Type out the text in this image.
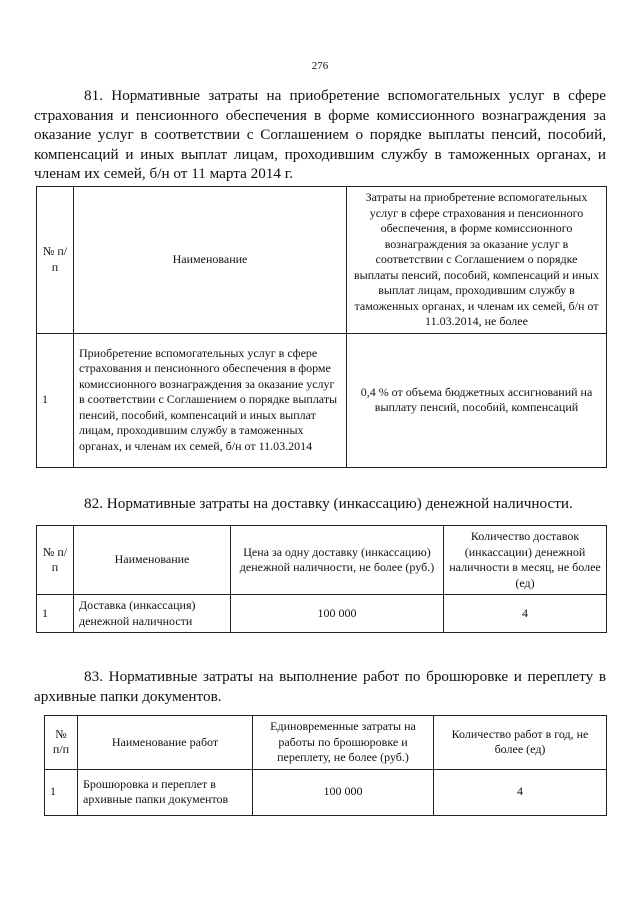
276
81. Нормативные затраты на приобретение вспомогательных услуг в сфере страхования и пенсионного обеспечения в форме комиссионного вознаграждения за оказание услуг в соответствии с Соглашением о порядке выплаты пенсий, пособий, компенсаций и иных выплат лицам, проходившим службу в таможенных органах, и членам их семей, б/н от 11 марта 2014 г.
№ п/п	Наименование	Затраты на приобретение вспомогательных услуг в сфере страхования и пенсионного обеспечения, в форме комиссионного вознаграждения за оказание услуг в соответствии с Соглашением о порядке выплаты пенсий, пособий, компенсаций и иных выплат лицам, проходившим службу в таможенных органах, и членам их семей, б/н от 11.03.2014, не более
1	Приобретение вспомогательных услуг в сфере страхования и пенсионного обеспечения в форме комиссионного вознаграждения за оказание услуг в соответствии с Соглашением о порядке выплаты пенсий, пособий, компенсаций и иных выплат лицам, проходившим службу в таможенных органах, и членам их семей, б/н от 11.03.2014	0,4 % от объема бюджетных ассигнований на выплату пенсий, пособий, компенсаций
82. Нормативные затраты на доставку (инкассацию) денежной наличности.
№ п/п	Наименование	Цена за одну доставку (инкассацию) денежной наличности, не более (руб.)	Количество доставок (инкассации) денежной наличности в месяц, не более (ед)
1	Доставка (инкассация) денежной наличности	100 000	4
83. Нормативные затраты на выполнение работ по брошюровке и переплету в архивные папки документов.
№ п/п	Наименование работ	Единовременные затраты на работы по брошюровке и переплету, не более (руб.)	Количество работ в год, не более (ед)
1	Брошюровка и переплет в архивные папки документов	100 000	4
